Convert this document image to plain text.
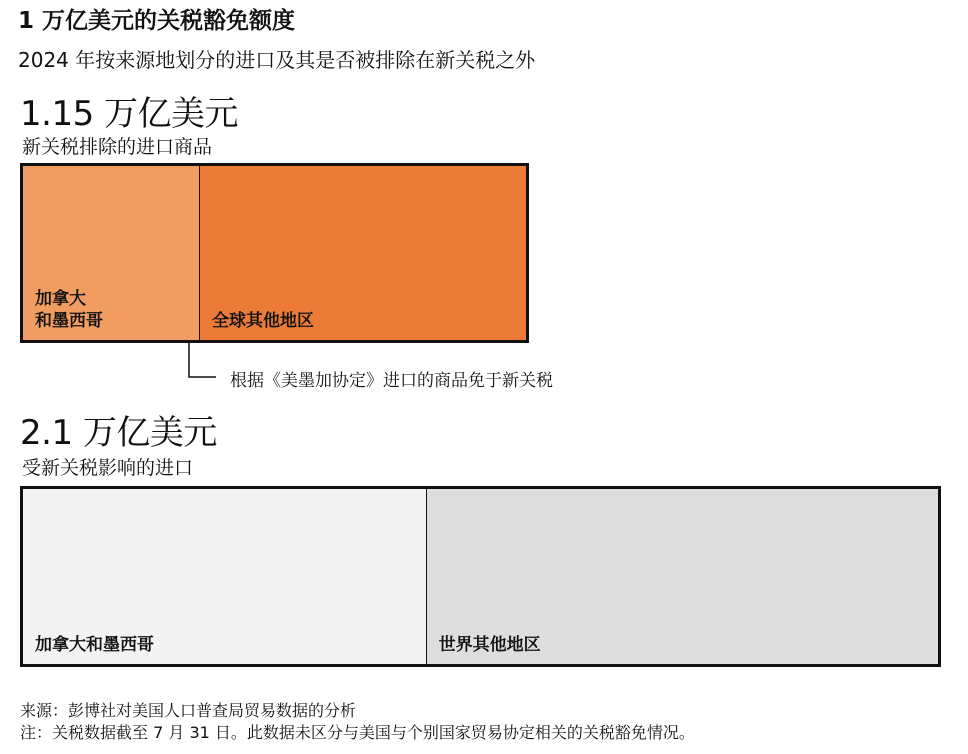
1 万亿美元的关税豁免额度
2024 年按来源地划分的进口及其是否被排除在新关税之外
1.15 万亿美元
新关税排除的进口商品
加拿大
和墨西哥	全球其他地区
根据《美墨加协定》进口的商品免于新关税
2.1 万亿美元
受新关税影响的进口
加拿大和墨西哥	世界其他地区
来源：彭博社对美国人口普查局贸易数据的分析
注：关税数据截至 7 月 31 日。此数据未区分与美国与个别国家贸易协定相关的关税豁免情况。
